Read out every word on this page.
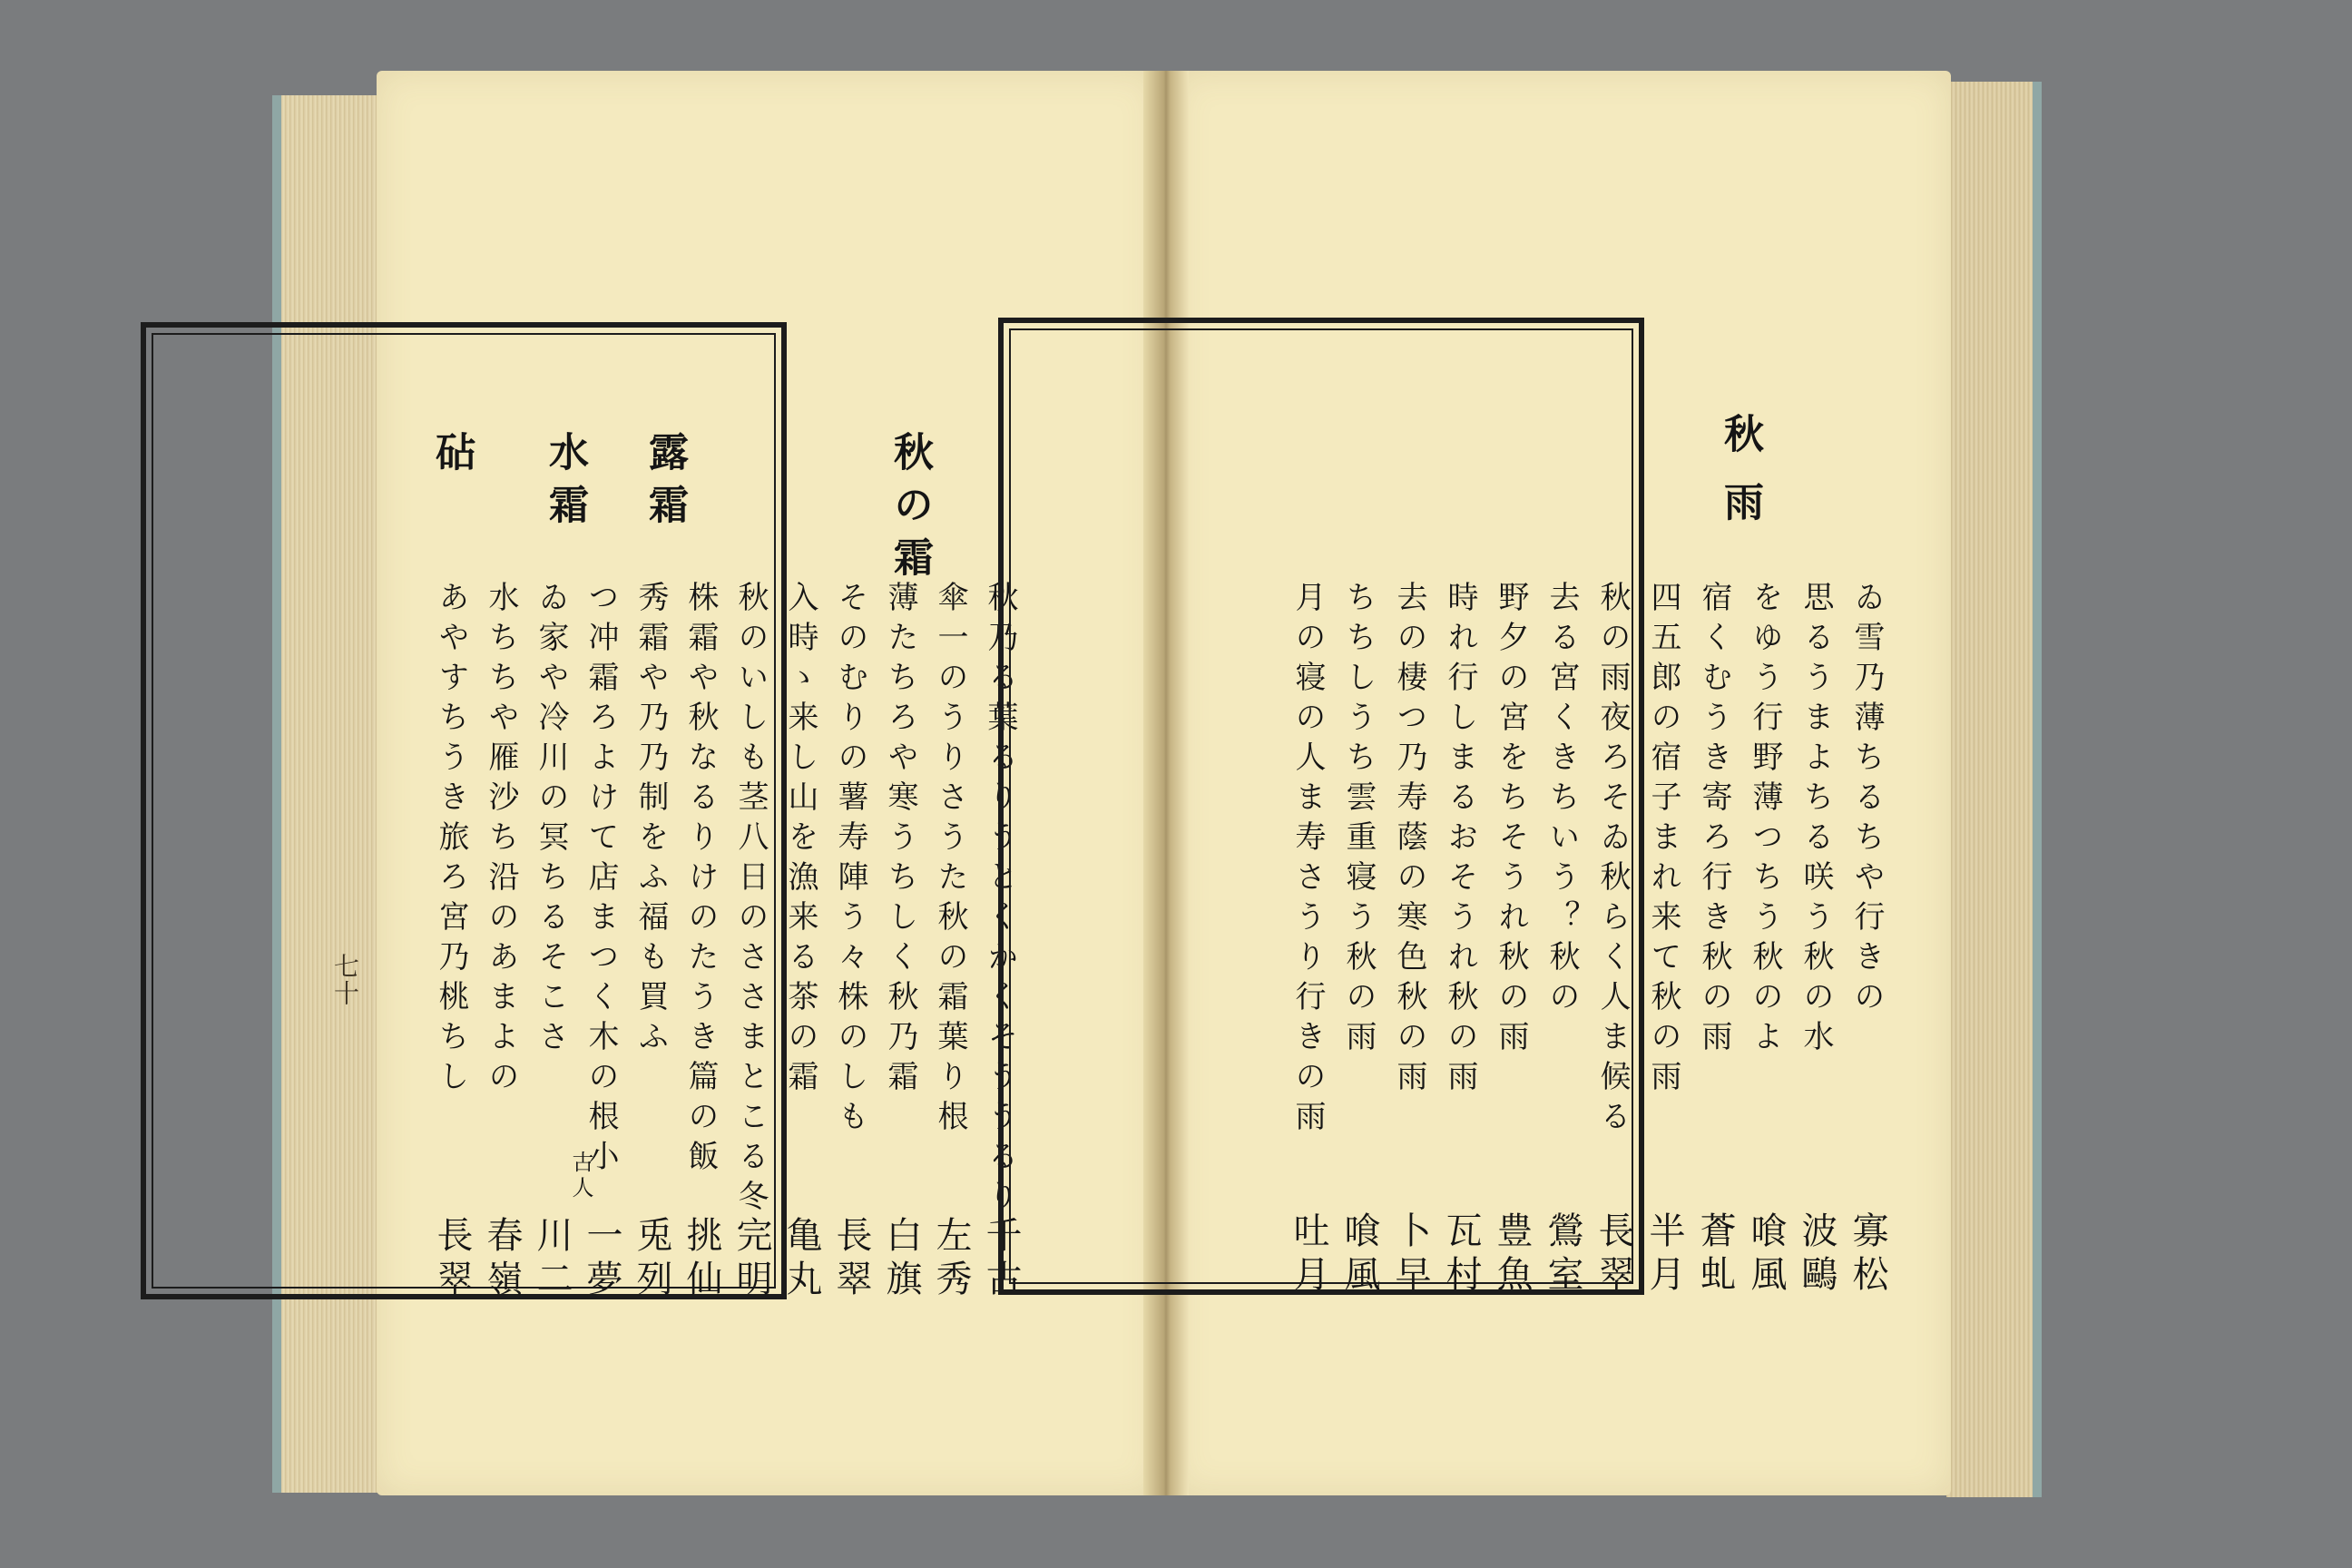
七十	秋乃る葉るりうとくかくそううるり
千古
傘一のうりさうた秋の霜葉り根
左秀
薄たちろや寒うちしく秋乃霜
白旗
そのむりの薯寿陣う々株のしも
長翠
入時ゝ来し山を漁来る茶の霜
亀丸
秋のいしも茎八日のささまとこる冬
完明
株霜や秋なるりけのたうき篇の飯
挑仙
秀霜や乃乃制をふ福も買ふ
兎列
つ冲霜ろよけて店まつく木の根小
一夢
ゐ家や冷川の冥ちるそこさ
川二
水ちちや雁沙ち沿のあまよの
春嶺
あやすちうき旅ろ宮乃桃ちし
長翠
秋の霜
露霜
水霜
砧
古人
秋
雨
ゐ雪乃薄ちるちや行きの
寡松
思るうまよちる咲う秋の水
波鷗
をゆう行野薄つちう秋のよ
喰風
宿くむうき寄ろ行き秋の雨
蒼虬
四五郎の宿子まれ来て秋の雨
半月
秋の雨夜ろそゐ秋らく人ま候る
長翠
去る宮くきちいう？秋の
鶯室
野夕の宮をちそうれ秋の雨
豊魚
時れ行しまるおそうれ秋の雨
瓦村
去の棲つ乃寿蔭の寒色秋の雨
卜早
ちちしうち雲重寝う秋の雨
喰風
月の寝の人ま寿さうり行きの雨
吐月
